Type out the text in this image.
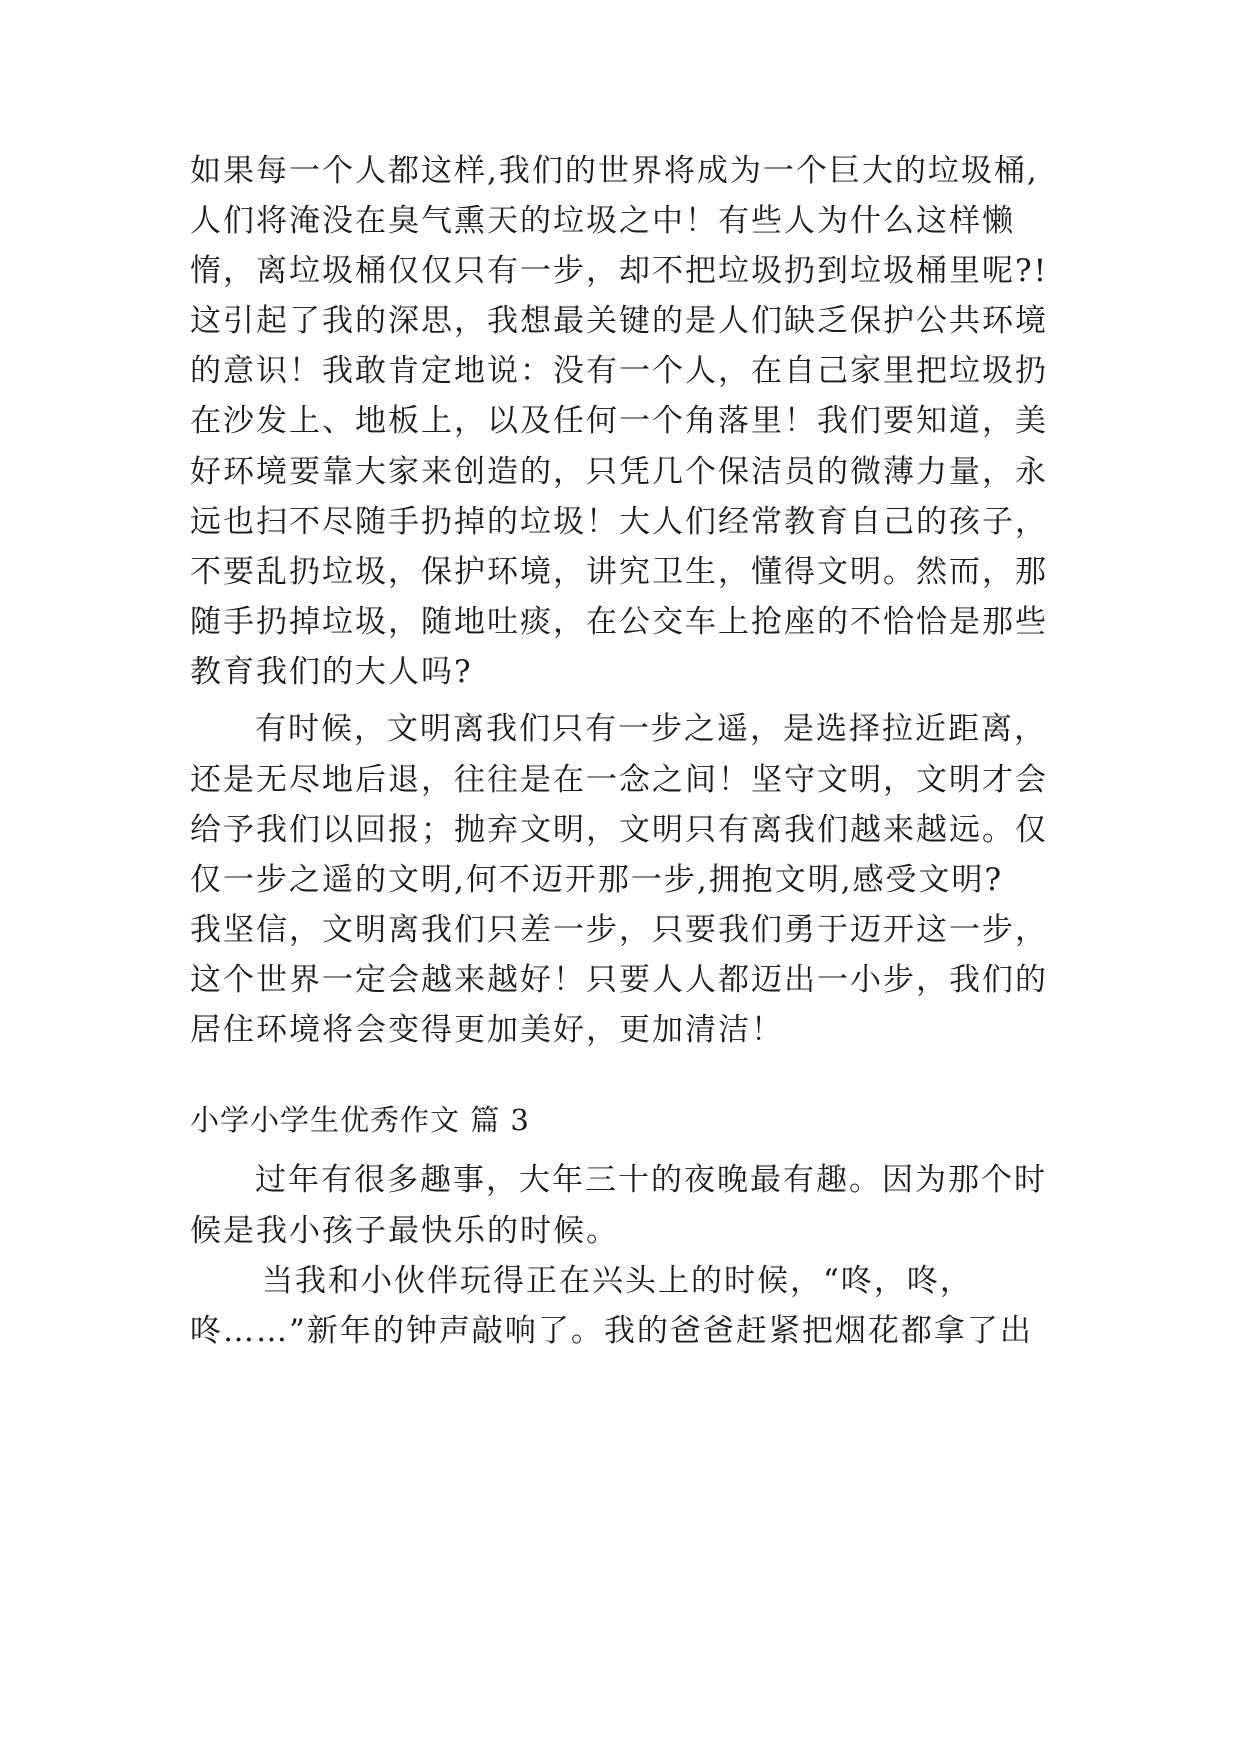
如果每一个人都这样,我们的世界将成为一个巨大的垃圾桶,
人们将淹没在臭气熏天的垃圾之中！有些人为什么这样懒
惰，离垃圾桶仅仅只有一步，却不把垃圾扔到垃圾桶里呢?!
这引起了我的深思，我想最关键的是人们缺乏保护公共环境
的意识！我敢肯定地说：没有一个人，在自己家里把垃圾扔
在沙发上、地板上，以及任何一个角落里！我们要知道，美
好环境要靠大家来创造的，只凭几个保洁员的微薄力量，永
远也扫不尽随手扔掉的垃圾！大人们经常教育自己的孩子，
不要乱扔垃圾，保护环境，讲究卫生，懂得文明。然而，那
随手扔掉垃圾，随地吐痰，在公交车上抢座的不恰恰是那些
教育我们的大人吗?
有时候，文明离我们只有一步之遥，是选择拉近距离，
还是无尽地后退，往往是在一念之间！坚守文明，文明才会
给予我们以回报；抛弃文明，文明只有离我们越来越远。仅
仅一步之遥的文明,何不迈开那一步,拥抱文明,感受文明?
我坚信，文明离我们只差一步，只要我们勇于迈开这一步，
这个世界一定会越来越好！只要人人都迈出一小步，我们的
居住环境将会变得更加美好，更加清洁！
小学小学生优秀作文 篇 3
过年有很多趣事，大年三十的夜晚最有趣。因为那个时
候是我小孩子最快乐的时候。
当我和小伙伴玩得正在兴头上的时候，“咚，咚，
咚……”新年的钟声敲响了。我的爸爸赶紧把烟花都拿了出
